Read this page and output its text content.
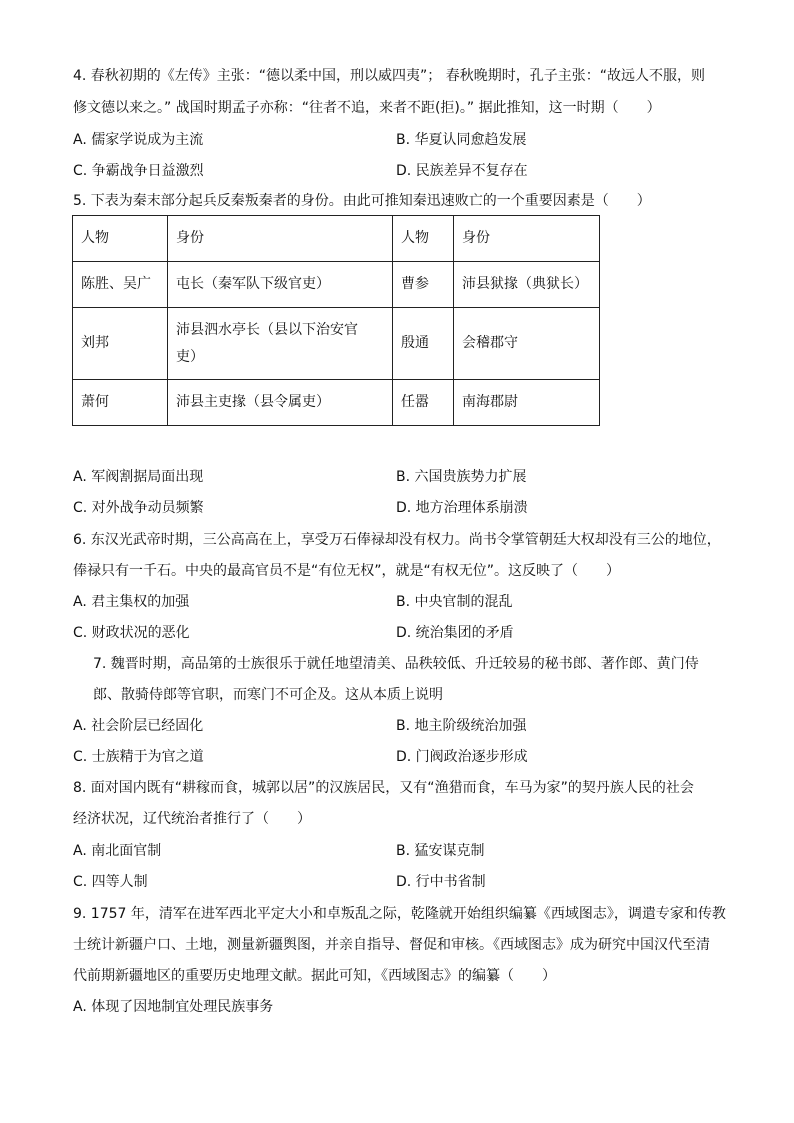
4. 春秋初期的《左传》主张：“德以柔中国，刑以威四夷”； 春秋晚期时，孔子主张：“故远人不服，则
修文德以来之。” 战国时期孟子亦称：“往者不追，来者不距(拒)。” 据此推知，这一时期（　　）
A. 儒家学说成为主流	B. 华夏认同愈趋发展
C. 争霸战争日益激烈	D. 民族差异不复存在
5. 下表为秦末部分起兵反秦叛秦者的身份。由此可推知秦迅速败亡的一个重要因素是（　　）
人物	身份	人物	身份
陈胜、吴广	屯长（秦军队下级官吏）	曹参	沛县狱掾（典狱长）
刘邦	沛县泗水亭长（县以下治安官
吏）	殷通	会稽郡守
萧何	沛县主吏掾（县令属吏）	任嚣	南海郡尉
A. 军阀割据局面出现	B. 六国贵族势力扩展
C. 对外战争动员频繁	D. 地方治理体系崩溃
6. 东汉光武帝时期，三公高高在上，享受万石俸禄却没有权力。尚书令掌管朝廷大权却没有三公的地位，
俸禄只有一千石。中央的最高官员不是“有位无权”，就是“有权无位”。这反映了（　　）
A. 君主集权的加强	B. 中央官制的混乱
C. 财政状况的恶化	D. 统治集团的矛盾
7. 魏晋时期，高品第的士族很乐于就任地望清美、品秩较低、升迁较易的秘书郎、著作郎、黄门侍
郎、散骑侍郎等官职，而寒门不可企及。这从本质上说明
A. 社会阶层已经固化	B. 地主阶级统治加强
C. 士族精于为官之道	D. 门阀政治逐步形成
8. 面对国内既有“耕稼而食，城郭以居”的汉族居民，又有“渔猎而食，车马为家”的契丹族人民的社会
经济状况，辽代统治者推行了（　　）
A. 南北面官制	B. 猛安谋克制
C. 四等人制	D. 行中书省制
9. 1757 年，清军在进军西北平定大小和卓叛乱之际，乾隆就开始组织编纂《西域图志》，调遣专家和传教
士统计新疆户口、土地，测量新疆舆图，并亲自指导、督促和审核。《西域图志》成为研究中国汉代至清
代前期新疆地区的重要历史地理文献。据此可知，《西域图志》的编纂（　　）
A. 体现了因地制宜处理民族事务
